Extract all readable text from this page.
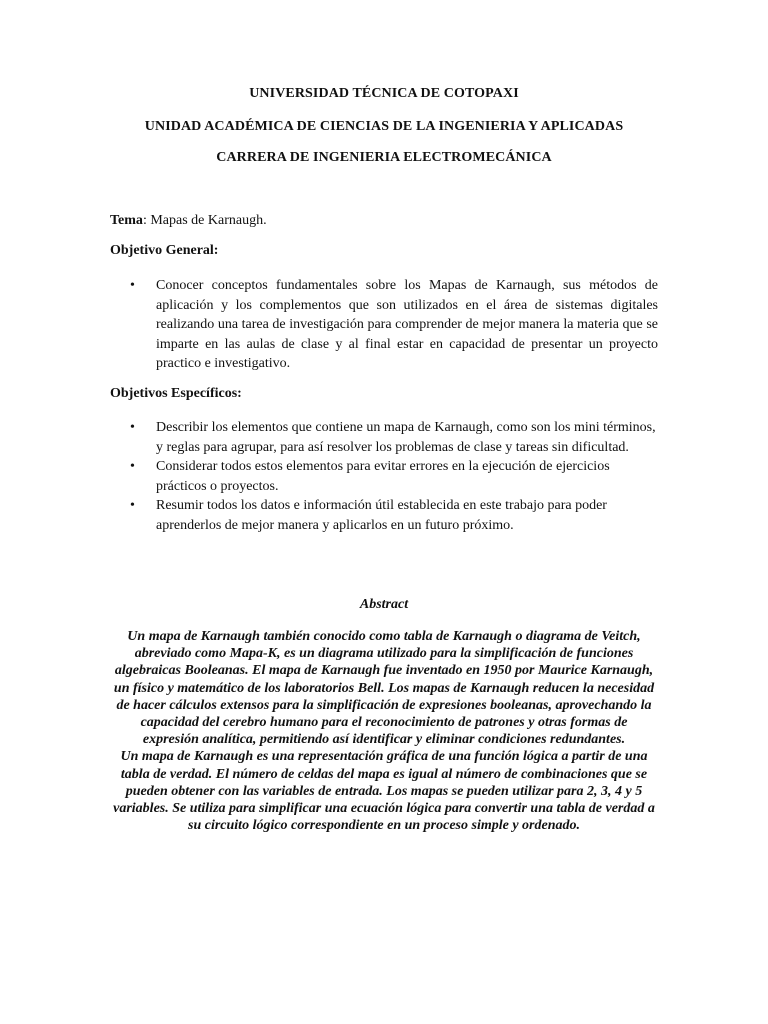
UNIVERSIDAD TÉCNICA DE COTOPAXI
UNIDAD ACADÉMICA DE CIENCIAS DE LA INGENIERIA Y APLICADAS
CARRERA DE INGENIERIA ELECTROMECÁNICA
Tema: Mapas de Karnaugh.
Objetivo General:
• Conocer conceptos fundamentales sobre los Mapas de Karnaugh, sus métodos de aplicación y los complementos que son utilizados en el área de sistemas digitales realizando una tarea de investigación para comprender de mejor manera la materia que se imparte en las aulas de clase y al final estar en capacidad de presentar un proyecto practico e investigativo.
Objetivos Específicos:
• Describir los elementos que contiene un mapa de Karnaugh, como son los mini términos, y reglas para agrupar, para así resolver los problemas de clase y tareas sin dificultad.
• Considerar todos estos elementos para evitar errores en la ejecución de ejercicios prácticos o proyectos.
• Resumir todos los datos e información útil establecida en este trabajo para poder aprenderlos de mejor manera y aplicarlos en un futuro próximo.
Abstract

Un mapa de Karnaugh también conocido como tabla de Karnaugh o diagrama de Veitch, abreviado como Mapa-K, es un diagrama utilizado para la simplificación de funciones algebraicas Booleanas. El mapa de Karnaugh fue inventado en 1950 por Maurice Karnaugh, un físico y matemático de los laboratorios Bell. Los mapas de Karnaugh reducen la necesidad de hacer cálculos extensos para la simplificación de expresiones booleanas, aprovechando la capacidad del cerebro humano para el reconocimiento de patrones y otras formas de expresión analítica, permitiendo así identificar y eliminar condiciones redundantes.

Un mapa de Karnaugh es una representación gráfica de una función lógica a partir de una tabla de verdad. El número de celdas del mapa es igual al número de combinaciones que se pueden obtener con las variables de entrada. Los mapas se pueden utilizar para 2, 3, 4 y 5 variables. Se utiliza para simplificar una ecuación lógica para convertir una tabla de verdad a su circuito lógico correspondiente en un proceso simple y ordenado.
